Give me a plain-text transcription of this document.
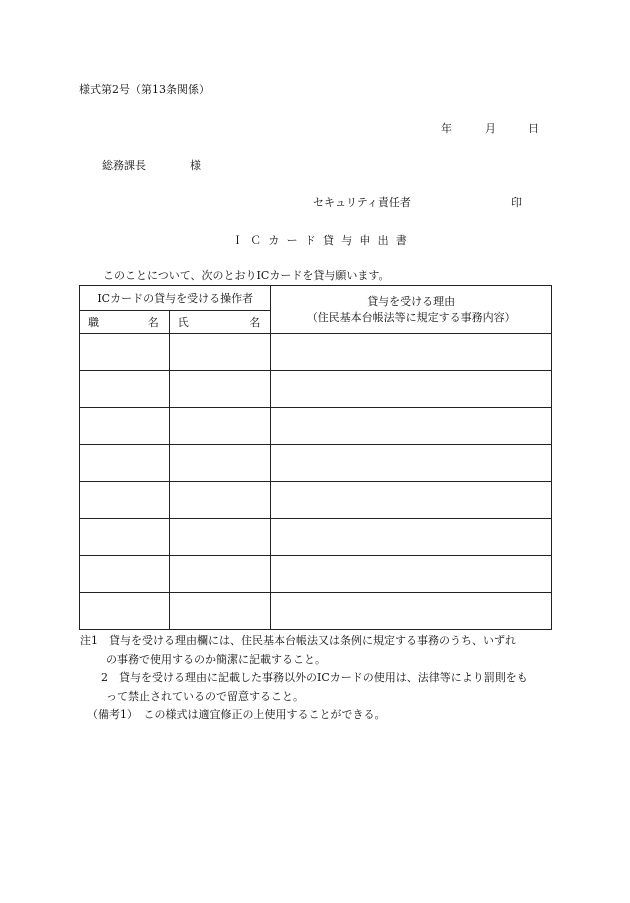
様式第2号（第13条関係）
年	月	日
総務課長	様
セキュリティ責任者	印
ＩＣカード貸与申出書
このことについて、次のとおりICカードを貸与願います。
ICカードの貸与を受ける操作者		貸与を受ける理由
（住民基本台帳法等に規定する事務内容）

職 名	氏 名	

注1　貸与を受ける理由欄には、住民基本台帳法又は条例に規定する事務のうち、いずれ
の事務で使用するのか簡潔に記載すること。
2　貸与を受ける理由に記載した事務以外のICカードの使用は、法律等により罰則をも
って禁止されているので留意すること。
（備考1）　この様式は適宜修正の上使用することができる。
